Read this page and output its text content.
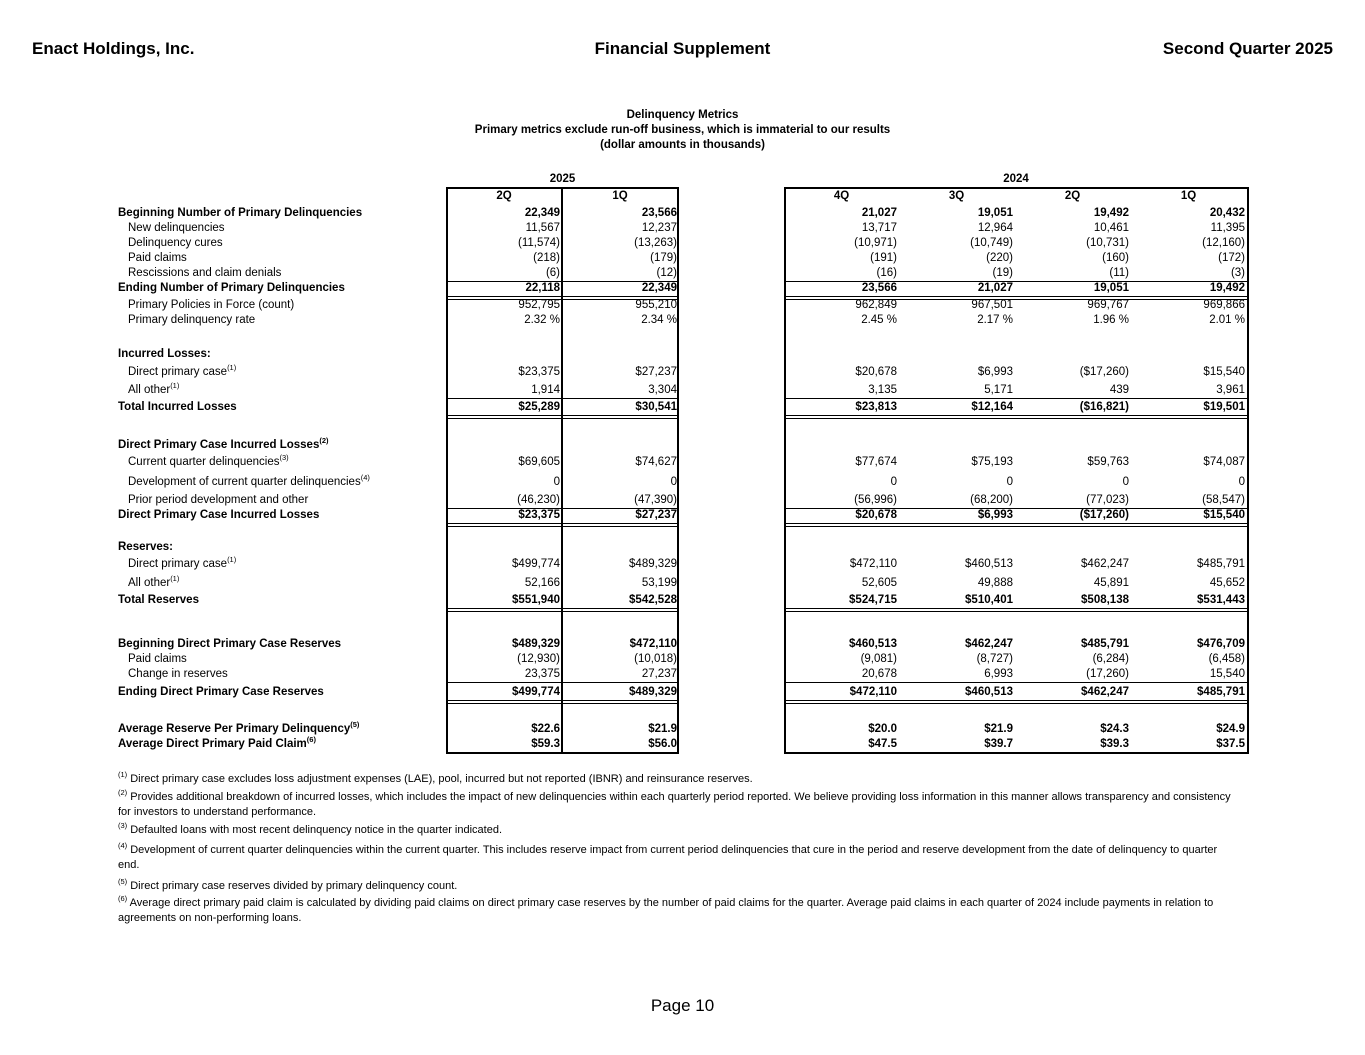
Enact Holdings, Inc.	Financial Supplement	Second Quarter 2025
Delinquency Metrics
Primary metrics exclude run-off business, which is immaterial to our results
(dollar amounts in thousands)
2025	2024
2Q	1Q	4Q	3Q	2Q	1Q
Beginning Number of Primary Delinquencies	22,349	23,566	21,027	19,051	19,492	20,432
New delinquencies	11,567	12,237	13,717	12,964	10,461	11,395
Delinquency cures	(11,574)	(13,263)	(10,971)	(10,749)	(10,731)	(12,160)
Paid claims	(218)	(179)	(191)	(220)	(160)	(172)
Rescissions and claim denials	(6)	(12)	(16)	(19)	(11)	(3)
Ending Number of Primary Delinquencies	22,118	22,349	23,566	21,027	19,051	19,492
Primary Policies in Force (count)	952,795	955,210	962,849	967,501	969,767	969,866
Primary delinquency rate	2.32 %	2.34 %	2.45 %	2.17 %	1.96 %	2.01 %
Incurred Losses:
Direct primary case$^{(1)}$	$23,375	$27,237	$20,678	$6,993	($17,260)	$15,540
All other$^{(1)}$	1,914	3,304	3,135	5,171	439	3,961
Total Incurred Losses	$25,289	$30,541	$23,813	$12,164	($16,821)	$19,501
Direct Primary Case Incurred Losses$^{(2)}$
Current quarter delinquencies$^{(3)}$	$69,605	$74,627	$77,674	$75,193	$59,763	$74,087
Development of current quarter delinquencies$^{(4)}$	0	0	0	0	0	0
Prior period development and other	(46,230)	(47,390)	(56,996)	(68,200)	(77,023)	(58,547)
Direct Primary Case Incurred Losses	$23,375	$27,237	$20,678	$6,993	($17,260)	$15,540
Reserves:
Direct primary case$^{(1)}$	$499,774	$489,329	$472,110	$460,513	$462,247	$485,791
All other$^{(1)}$	52,166	53,199	52,605	49,888	45,891	45,652
Total Reserves	$551,940	$542,528	$524,715	$510,401	$508,138	$531,443
Beginning Direct Primary Case Reserves	$489,329	$472,110	$460,513	$462,247	$485,791	$476,709
Paid claims	(12,930)	(10,018)	(9,081)	(8,727)	(6,284)	(6,458)
Change in reserves	23,375	27,237	20,678	6,993	(17,260)	15,540
Ending Direct Primary Case Reserves	$499,774	$489,329	$472,110	$460,513	$462,247	$485,791
Average Reserve Per Primary Delinquency$^{(5)}$	$22.6	$21.9	$20.0	$21.9	$24.3	$24.9
Average Direct Primary Paid Claim$^{(6)}$	$59.3	$56.0	$47.5	$39.7	$39.3	$37.5
$^{(1)}$ Direct primary case excludes loss adjustment expenses (LAE), pool, incurred but not reported (IBNR) and reinsurance reserves.
$^{(2)}$ Provides additional breakdown of incurred losses, which includes the impact of new delinquencies within each quarterly period reported. We believe providing loss information in this manner allows transparency and consistency for investors to understand performance.
$^{(3)}$ Defaulted loans with most recent delinquency notice in the quarter indicated.
$^{(4)}$ Development of current quarter delinquencies within the current quarter. This includes reserve impact from current period delinquencies that cure in the period and reserve development from the date of delinquency to quarter end.
$^{(5)}$ Direct primary case reserves divided by primary delinquency count.
$^{(6)}$ Average direct primary paid claim is calculated by dividing paid claims on direct primary case reserves by the number of paid claims for the quarter. Average paid claims in each quarter of 2024 include payments in relation to agreements on non-performing loans.
Page 10
